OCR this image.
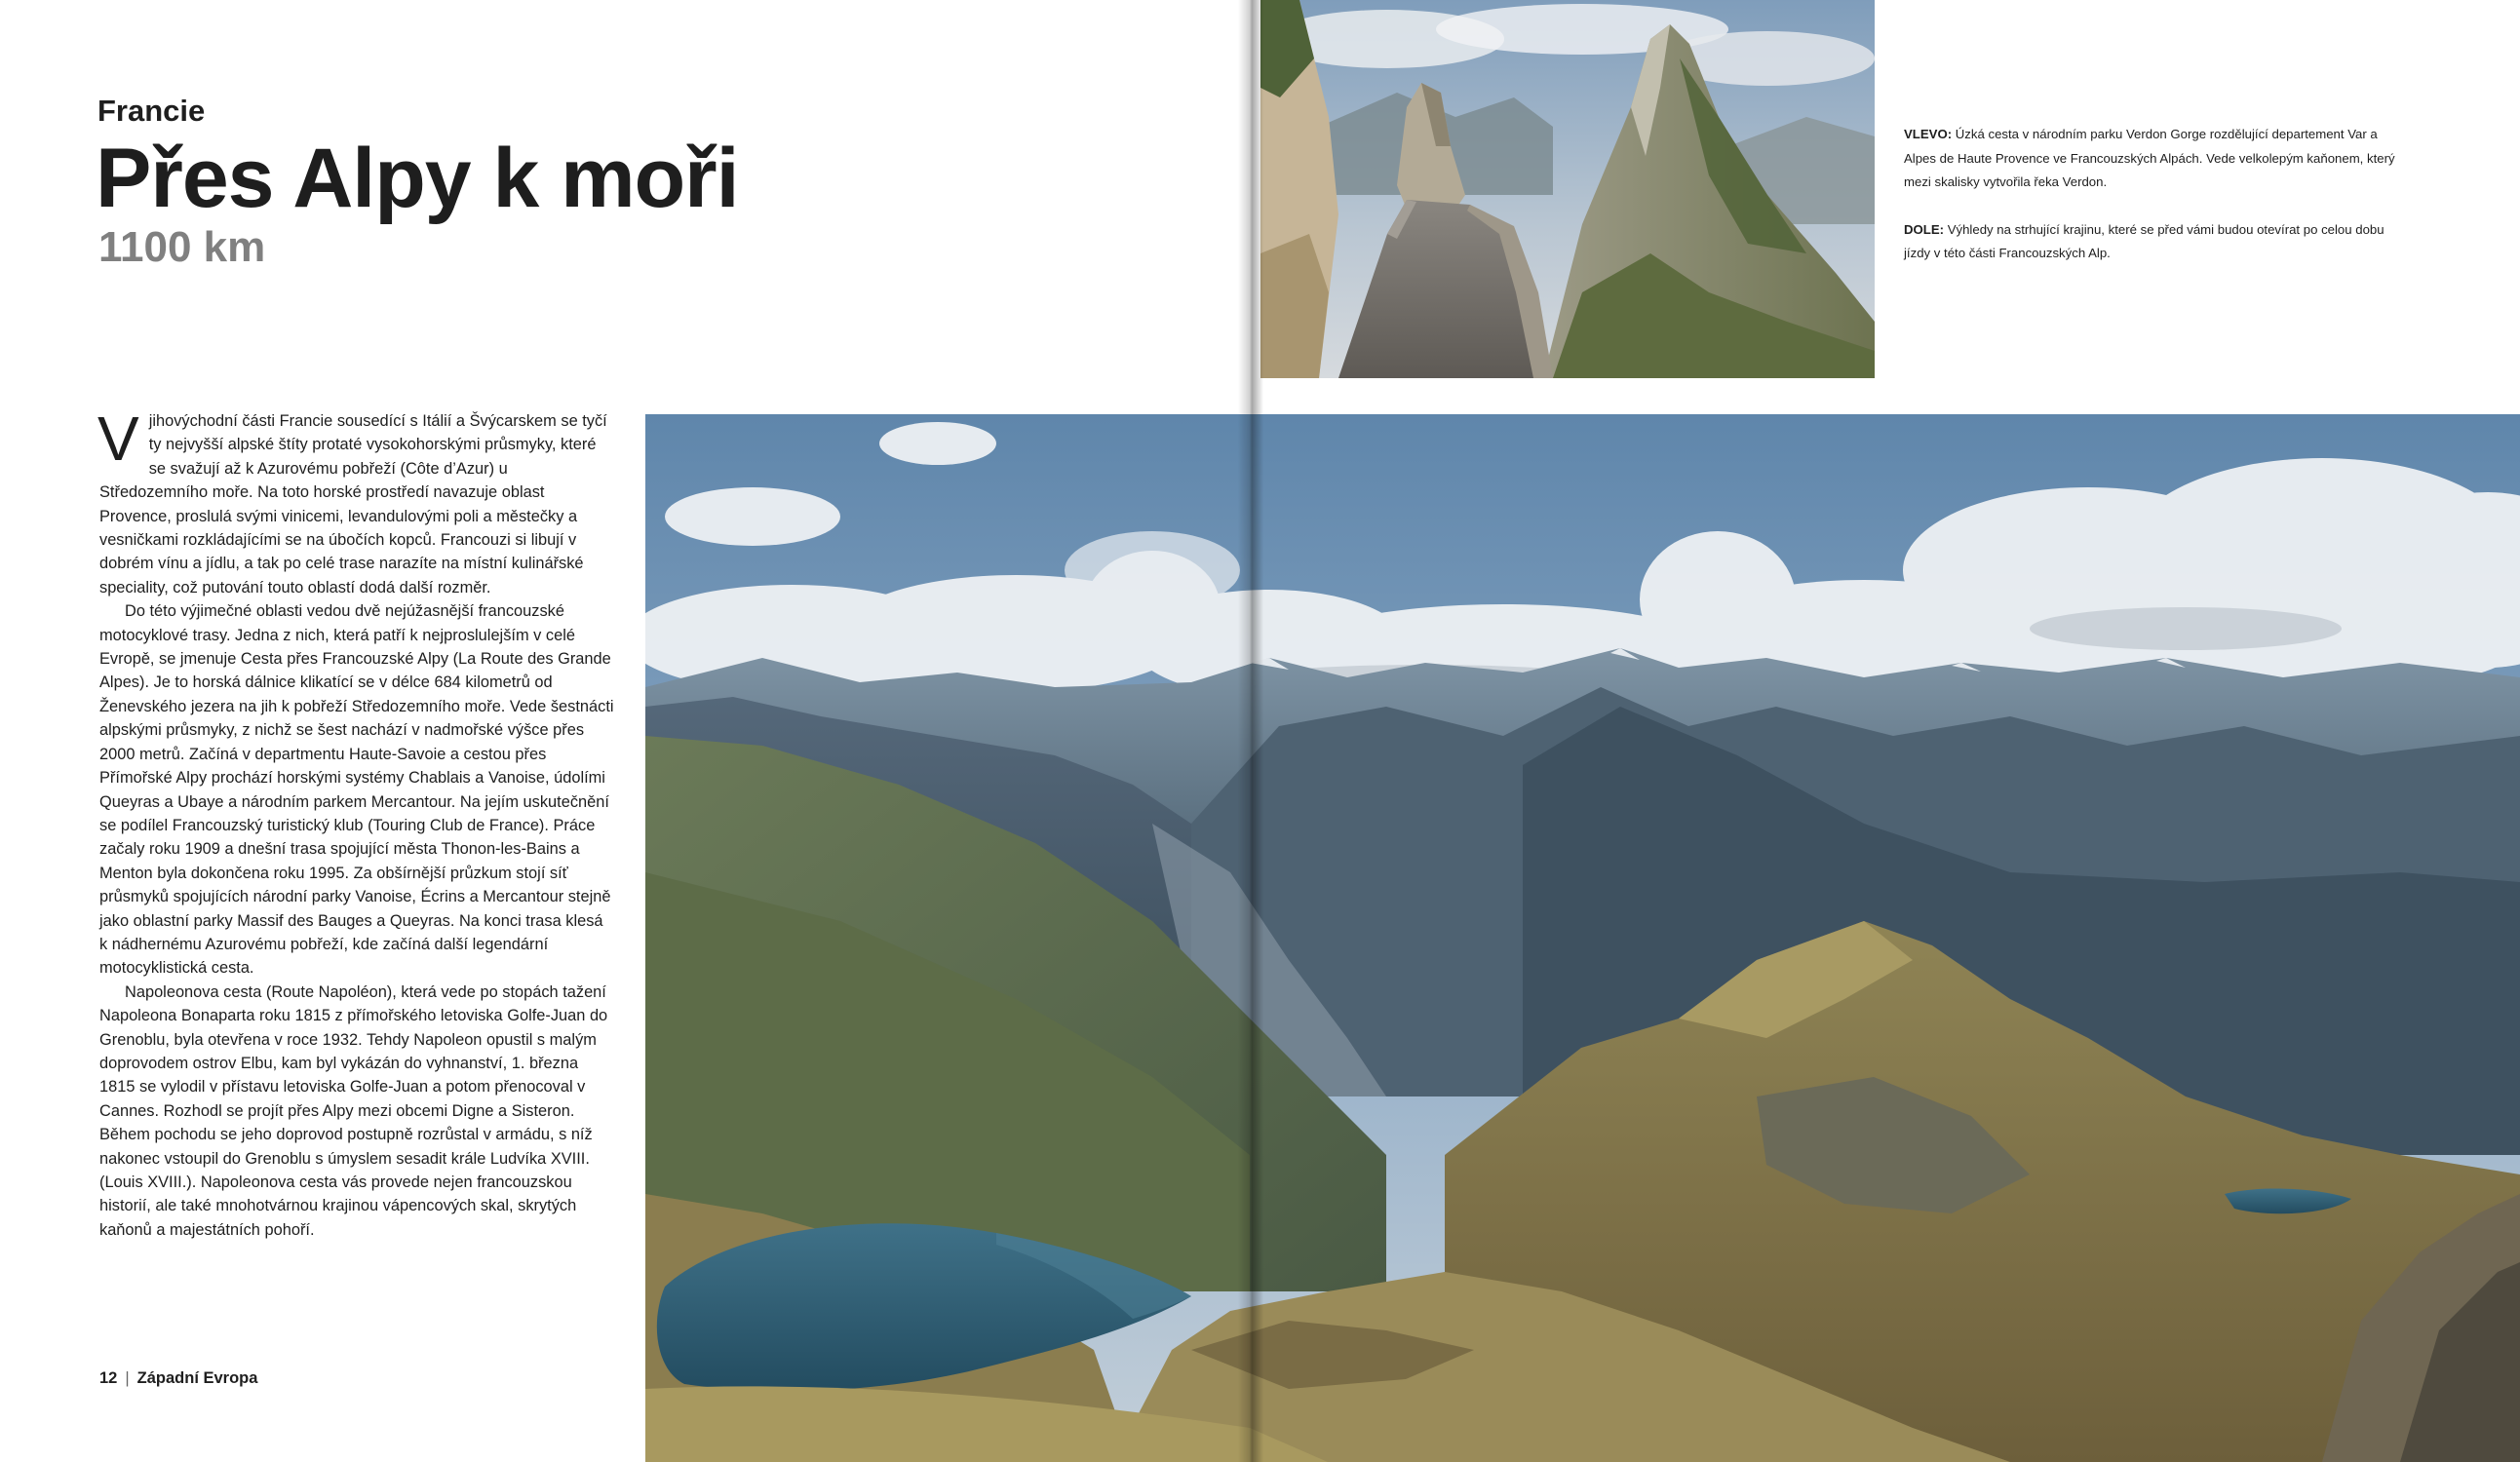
Francie
Přes Alpy k moři
1100 km

Vjihovýchodní části Francie sousedící s Itálií a Švýcarskem se tyčí ty nejvyšší alpské štíty protaté vysokohorskými průsmyky, které se svažují až k Azurovému pobřeží (Côte d’Azur) u Středozemního moře. Na toto horské prostředí navazuje oblast Provence, proslulá svými vinicemi, levandulovými poli a městečky a vesničkami rozkládajícími se na úbočích kopců. Francouzi si libují v dobrém vínu a jídlu, a tak po celé trase narazíte na místní kulinářské speciality, což putování touto oblastí dodá další rozměr.

Do této výjimečné oblasti vedou dvě nejúžasnější francouzské motocyklové trasy. Jedna z nich, která patří k nejproslulejším v celé Evropě, se jmenuje Cesta přes Francouzské Alpy (La Route des Grande Alpes). Je to horská dálnice klikatící se v délce 684 kilometrů od Ženevského jezera na jih k pobřeží Středozemního moře. Vede šestnácti alpskými průsmyky, z nichž se šest nachází v nadmořské výšce přes 2000 metrů. Začíná v departmentu Haute-Savoie a cestou přes Přímořské Alpy prochází horskými systémy Chablais a Vanoise, údolími Queyras a Ubaye a národním parkem Mercantour. Na jejím uskutečnění se podílel Francouzský turistický klub (Touring Club de France). Práce začaly roku 1909 a dnešní trasa spojující města Thonon-les-Bains a Menton byla dokončena roku 1995. Za obšírnější průzkum stojí síť průsmyků spojujících národní parky Vanoise, Écrins a Mercantour stejně jako oblastní parky Massif des Bauges a Queyras. Na konci trasa klesá k nádhernému Azurovému pobřeží, kde začíná další legendární motocyklistická cesta.

Napoleonova cesta (Route Napoléon), která vede po stopách tažení Napoleona Bonaparta roku 1815 z přímořského letoviska Golfe-Juan do Grenoblu, byla otevřena v roce 1932. Tehdy Napoleon opustil s malým doprovodem ostrov Elbu, kam byl vykázán do vyhnanství, 1. března 1815 se vylodil v přístavu letoviska Golfe-Juan a potom přenocoval v Cannes. Rozhodl se projít přes Alpy mezi obcemi Digne a Sisteron. Během pochodu se jeho doprovod postupně rozrůstal v armádu, s níž nakonec vstoupil do Grenoblu s úmyslem sesadit krále Ludvíka XVIII. (Louis XVIII.). Napoleonova cesta vás provede nejen francouzskou historií, ale také mnohotvárnou krajinou vápencových skal, skrytých kaňonů a majestátních pohoří.

12 | Západní Evropa

VLEVO: Úzká cesta v národním parku Verdon Gorge rozdělující departement Var a Alpes de Haute Provence ve Francouzských Alpách. Vede velkolepým kaňonem, který mezi skalisky vytvořila řeka Verdon.

DOLE: Výhledy na strhující krajinu, které se před vámi budou otevírat po celou dobu jízdy v této části Francouzských Alp.
